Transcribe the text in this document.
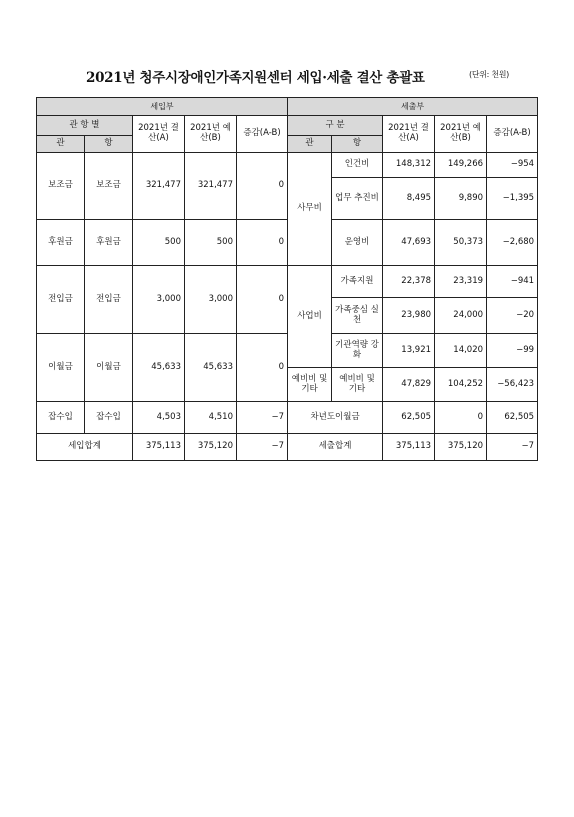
2021년 청주시장애인가족지원센터 세입·세출 결산 총괄표	(단위: 천원)
세입부					세출부				
관 항 별		2021년 결산(A)	2021년 예산(B)	증감(A-B)	구 분		2021년 결산(A)	2021년 예산(B)	증감(A-B)
관	항				관	항			
보조금	보조금	321,477	321,477	0	사무비	인건비	148,312	149,266	−954
						업무 추진비	8,495	9,890	−1,395
후원금	후원금	500	500	0		운영비	47,693	50,373	−2,680
전입금	전입금	3,000	3,000	0	사업비	가족지원	22,378	23,319	−941
						가족중심 실천	23,980	24,000	−20
이월금	이월금	45,633	45,633	0		기관역량 강화	13,921	14,020	−99
					예비비 및 기타	예비비 및 기타	47,829	104,252	−56,423
잡수입	잡수입	4,503	4,510	−7	차년도이월금		62,505	0	62,505
세입합계		375,113	375,120	−7	세출합계		375,113	375,120	−7
